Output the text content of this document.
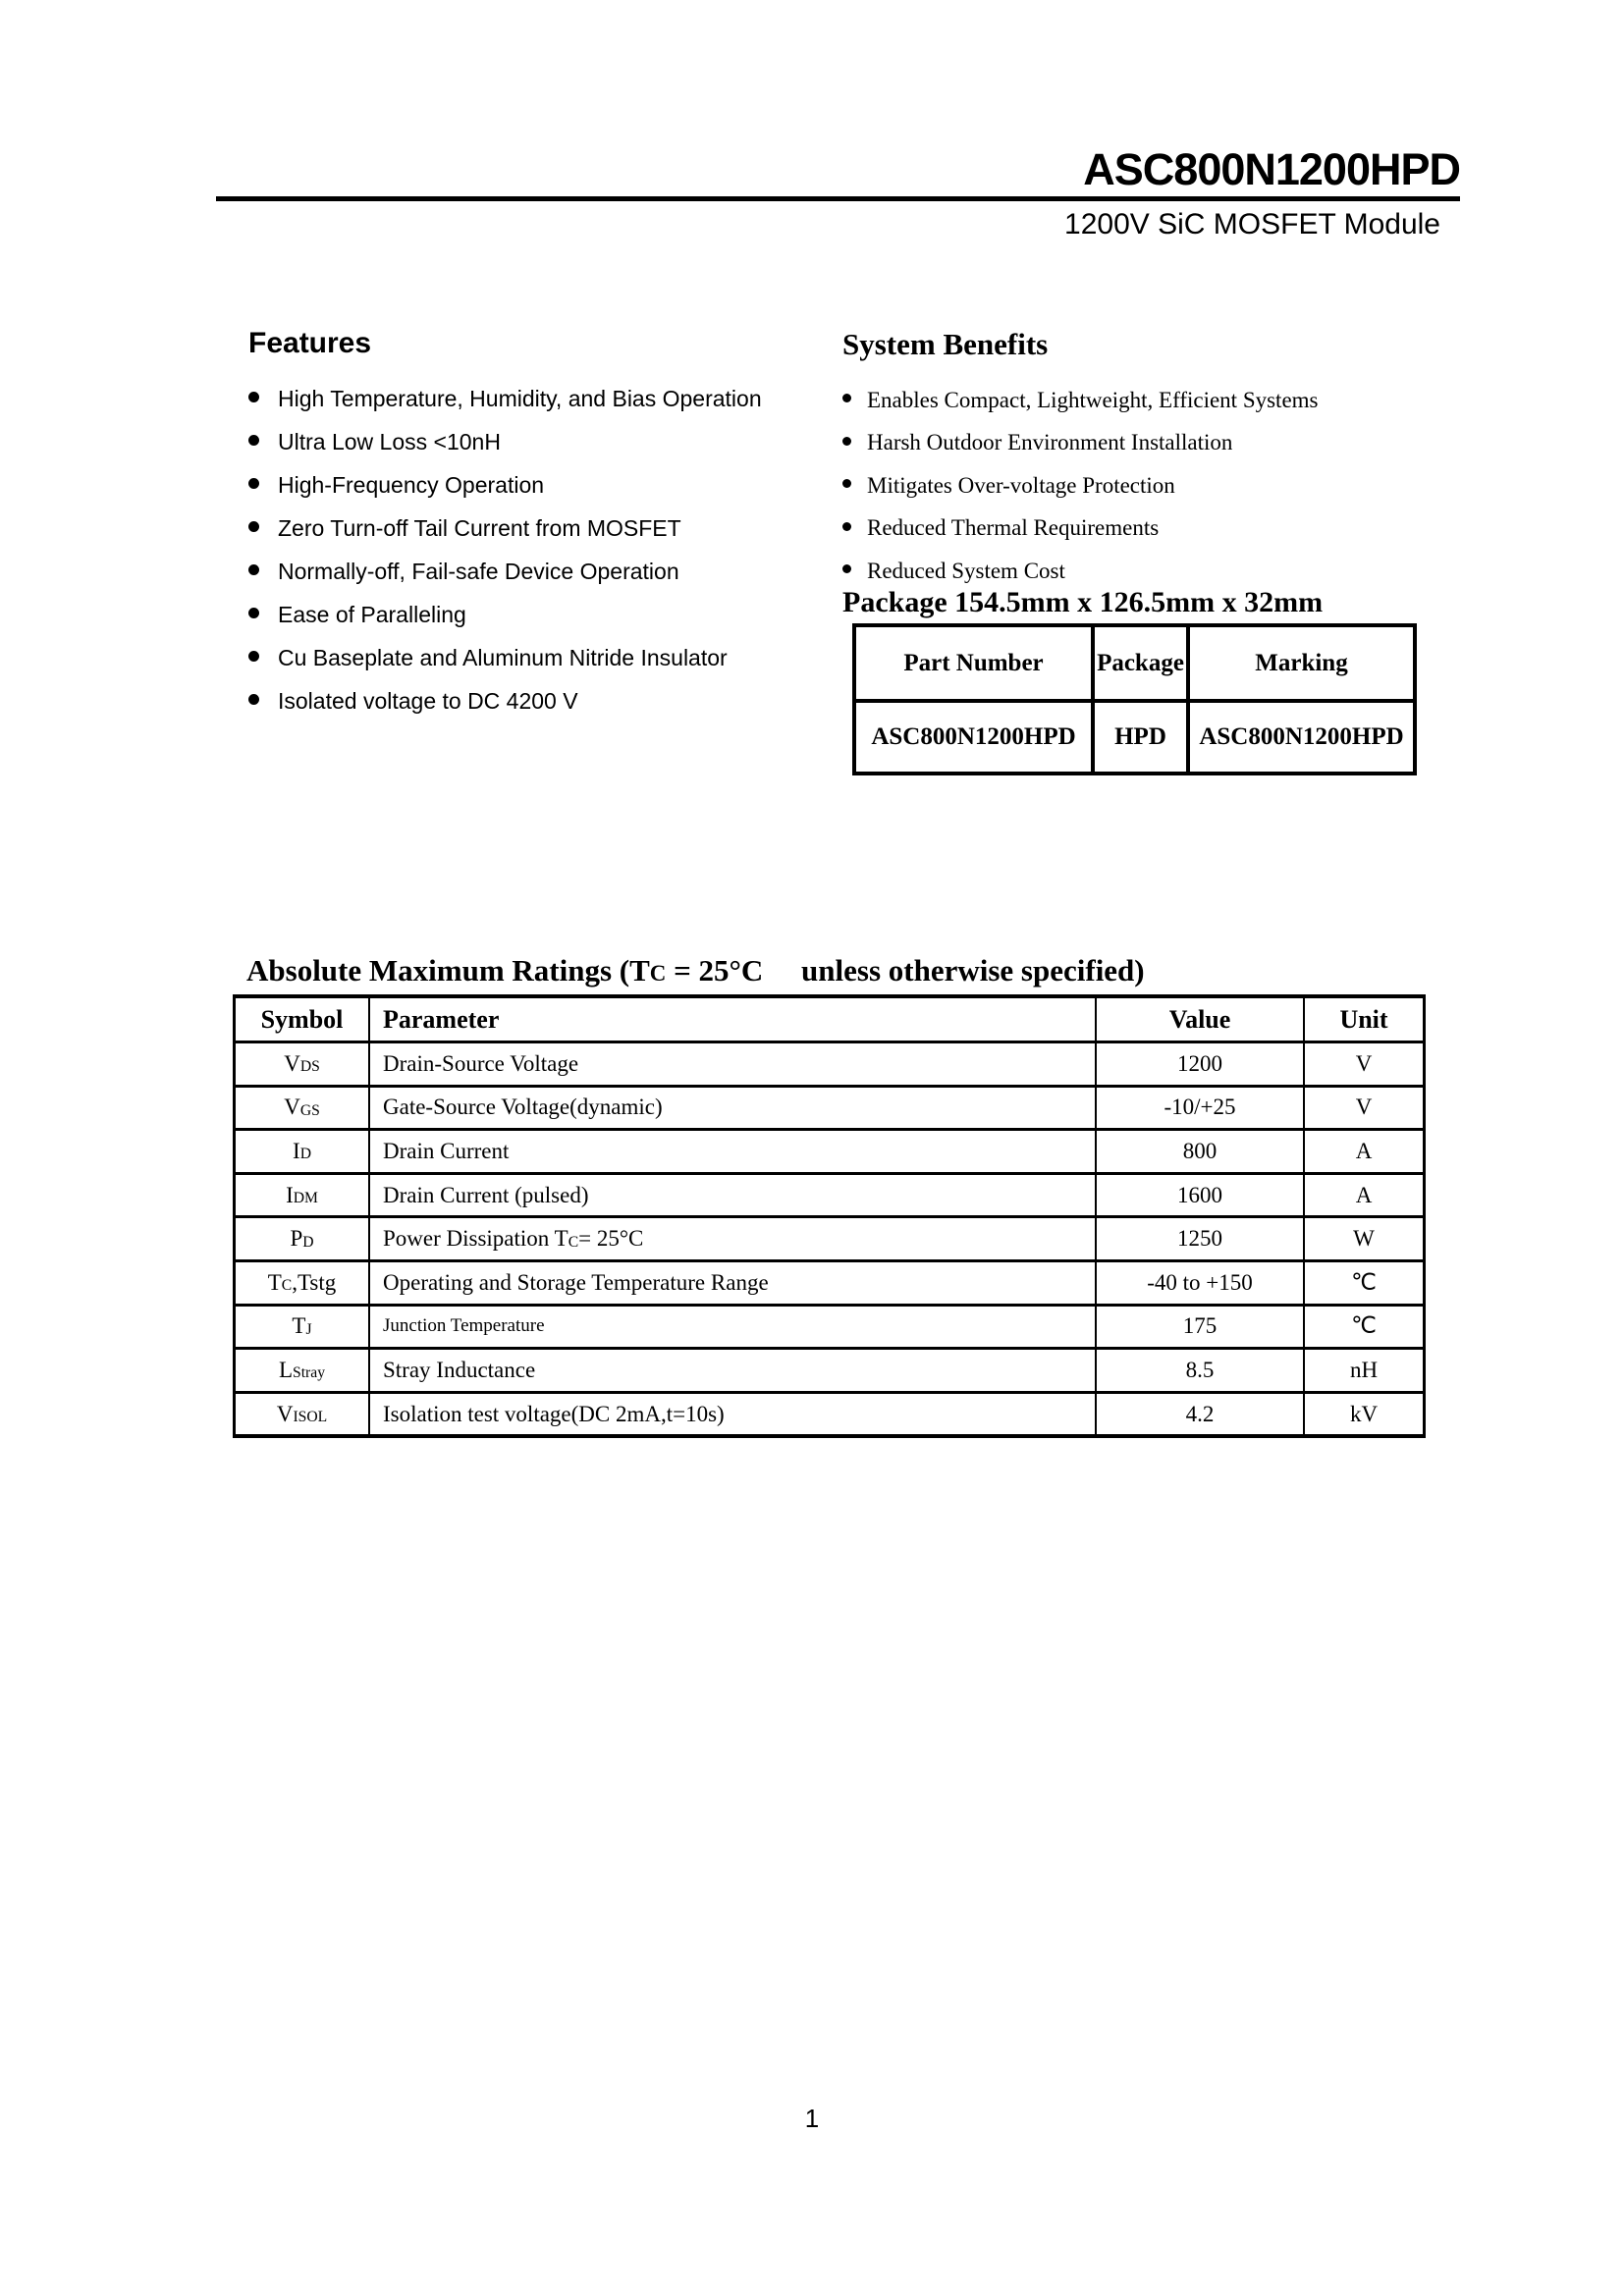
ASC800N1200HPD
1200V SiC MOSFET Module
Features
High Temperature, Humidity, and Bias Operation
Ultra Low Loss <10nH
High-Frequency Operation
Zero Turn-off Tail Current from MOSFET
Normally-off, Fail-safe Device Operation
Ease of Paralleling
Cu Baseplate and Aluminum Nitride Insulator
Isolated voltage to DC 4200 V
System Benefits
Enables Compact, Lightweight, Efficient Systems
Harsh Outdoor Environment Installation
Mitigates Over-voltage Protection
Reduced Thermal Requirements
Reduced System Cost
Package 154.5mm x 126.5mm x 32mm
Part Number	Package	Marking
ASC800N1200HPD	HPD	ASC800N1200HPD
Absolute Maximum Ratings (TC = 25°C     unless otherwise specified)
Symbol	Parameter	Value	Unit
$V_{DS}$	Drain-Source Voltage	1200	V
$V_{GS}$	Gate-Source Voltage(dynamic)	-10/+25	V
$I_D$	Drain Current	800	A
$I_{DM}$	Drain Current (pulsed)	1600	A
$P_D$	Power Dissipation $T_C = 25^\circ C$	1250	W
$T_C$ ,Tstg	Operating and Storage Temperature Range	-40 to +150	℃
$T_J$	Junction Temperature	175	℃
$L_{Stray}$	Stray Inductance	8.5	nH
$V_{ISOL}$	Isolation test voltage(DC 2mA,t=10s)	4.2	kV
1
